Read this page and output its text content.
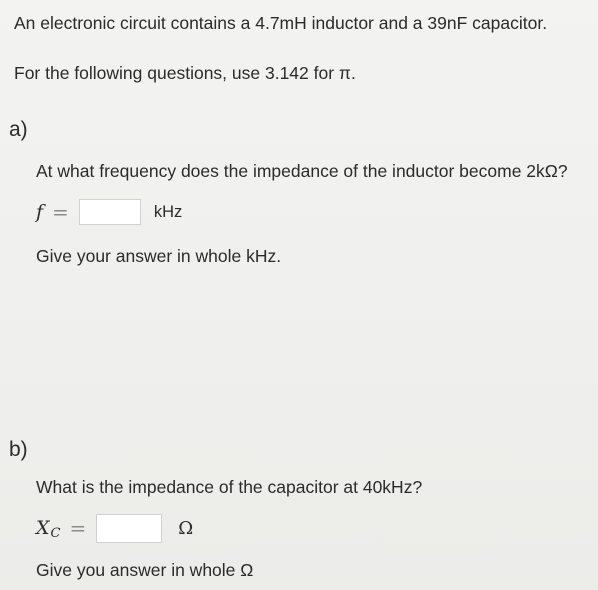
An electronic circuit contains a 4.7mH inductor and a 39nF capacitor.
For the following questions, use 3.142 for π.
a)
At what frequency does the impedance of the inductor become 2kΩ?
f =	kHz
Give your answer in whole kHz.
b)
What is the impedance of the capacitor at 40kHz?
X C =	Ω
Give you answer in whole Ω
